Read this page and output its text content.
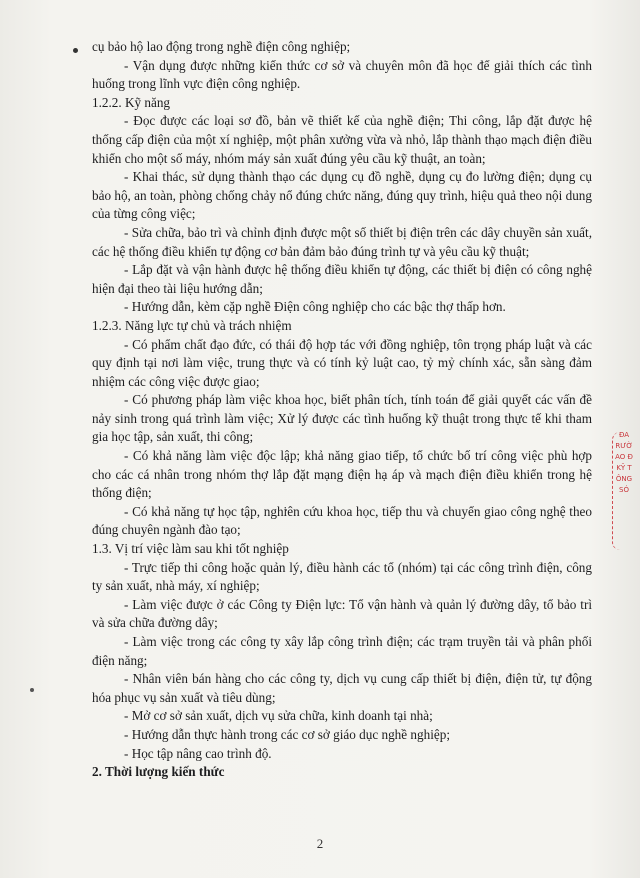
cụ bảo hộ lao động trong nghề điện công nghiệp;

- Vận dụng được những kiến thức cơ sở và chuyên môn đã học để giải thích các tình huống trong lĩnh vực điện công nghiệp.

1.2.2. Kỹ năng

- Đọc được các loại sơ đồ, bản vẽ thiết kế của nghề điện; Thi công, lắp đặt được hệ thống cấp điện của một xí nghiệp, một phân xưởng vừa và nhỏ, lắp thành thạo mạch điện điều khiển cho một số máy, nhóm máy sản xuất đúng yêu cầu kỹ thuật, an toàn;

- Khai thác, sử dụng thành thạo các dụng cụ đồ nghề, dụng cụ đo lường điện; dụng cụ bảo hộ, an toàn, phòng chống chảy nổ đúng chức năng, đúng quy trình, hiệu quả theo nội dung của từng công việc;

- Sửa chữa, bảo trì và chỉnh định được một số thiết bị điện trên các dây chuyền sản xuất, các hệ thống điều khiển tự động cơ bản đảm bảo đúng trình tự và yêu cầu kỹ thuật;

- Lắp đặt và vận hành được hệ thống điều khiển tự động, các thiết bị điện có công nghệ hiện đại theo tài liệu hướng dẫn;

- Hướng dẫn, kèm cặp nghề Điện công nghiệp cho các bậc thợ thấp hơn.

1.2.3. Năng lực tự chủ và trách nhiệm

- Có phẩm chất đạo đức, có thái độ hợp tác với đồng nghiệp, tôn trọng pháp luật và các quy định tại nơi làm việc, trung thực và có tính kỷ luật cao, tỷ mỷ chính xác, sẵn sàng đảm nhiệm các công việc được giao;

- Có phương pháp làm việc khoa học, biết phân tích, tính toán để giải quyết các vấn đề nảy sinh trong quá trình làm việc; Xử lý được các tình huống kỹ thuật trong thực tế khi tham gia học tập, sản xuất, thi công;

- Có khả năng làm việc độc lập; khả năng giao tiếp, tổ chức bố trí công việc phù hợp cho các cá nhân trong nhóm thợ lắp đặt mạng điện hạ áp và mạch điện điều khiển trong hệ thống điện;

- Có khả năng tự học tập, nghiên cứu khoa học, tiếp thu và chuyển giao công nghệ theo đúng chuyên ngành đào tạo;

1.3. Vị trí việc làm sau khi tốt nghiệp

- Trực tiếp thi công hoặc quản lý, điều hành các tổ (nhóm) tại các công trình điện, công ty sản xuất, nhà máy, xí nghiệp;

- Làm việc được ở các Công ty Điện lực: Tổ vận hành và quản lý đường dây, tổ bảo trì và sửa chữa đường dây;

- Làm việc trong các công ty xây lắp công trình điện; các trạm truyền tải và phân phối điện năng;

- Nhân viên bán hàng cho các công ty, dịch vụ cung cấp thiết bị điện, điện tử, tự động hóa phục vụ sản xuất và tiêu dùng;

- Mở cơ sở sản xuất, dịch vụ sửa chữa, kinh doanh tại nhà;

- Hướng dẫn thực hành trong các cơ sở giáo dục nghề nghiệp;

- Học tập nâng cao trình độ.

2. Thời lượng kiến thức

ĐA
RƯỜ
AO Đ
KỸ T
ÔNG
SÓ
2
